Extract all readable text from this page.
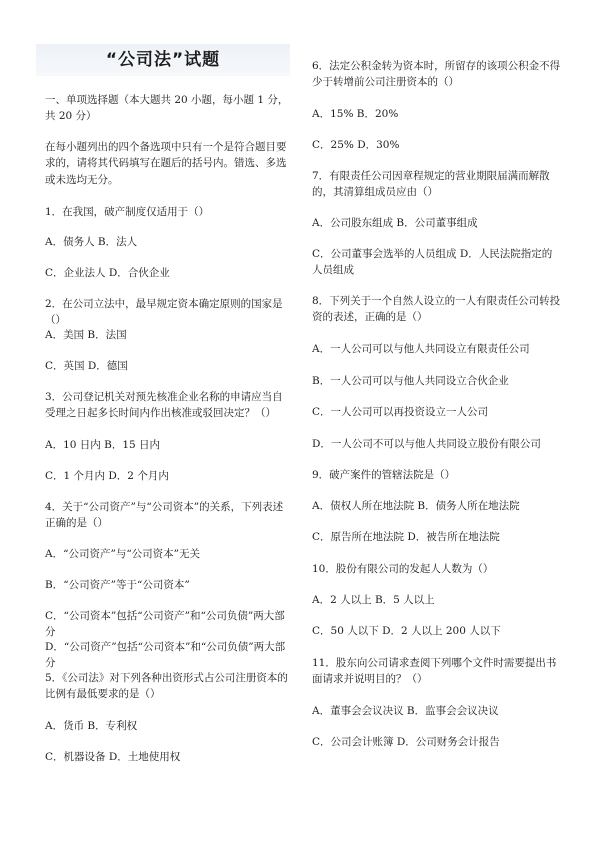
“公司法”试题

一、单项选择题（本大题共 20 小题，每小题 1 分，共 20 分）

在每小题列出的四个备选项中只有一个是符合题目要求的，请将其代码填写在题后的括号内。错选、多选或未选均无分。

1．在我国，破产制度仅适用于（）

A．债务人 B．法人

C．企业法人 D．合伙企业

2．在公司立法中，最早规定资本确定原则的国家是（）

A．美国 B．法国

C．英国 D．德国

3．公司登记机关对预先核准企业名称的申请应当自受理之日起多长时间内作出核准或驳回决定？（）

A．10 日内 B．15 日内

C．1 个月内 D．2 个月内

4．关于“公司资产”与“公司资本”的关系，下列表述正确的是（）

A．“公司资产”与“公司资本”无关

B．“公司资产”等于“公司资本”

C．“公司资本”包括“公司资产”和“公司负债”两大部分

D．“公司资产”包括“公司资本”和“公司负债”两大部分

5．《公司法》对下列各种出资形式占公司注册资本的比例有最低要求的是（）

A．货币 B．专利权

C．机器设备 D．土地使用权

6．法定公积金转为资本时，所留存的该项公积金不得少于转增前公司注册资本的（）

A．15% B．20%

C．25% D．30%

7．有限责任公司因章程规定的营业期限届满而解散的，其清算组成员应由（）

A．公司股东组成 B．公司董事组成

C．公司董事会选举的人员组成 D．人民法院指定的人员组成

8．下列关于一个自然人设立的一人有限责任公司转投资的表述，正确的是（）

A．一人公司可以与他人共同设立有限责任公司

B．一人公司可以与他人共同设立合伙企业

C．一人公司可以再投资设立一人公司

D．一人公司不可以与他人共同设立股份有限公司

9．破产案件的管辖法院是（）

A．债权人所在地法院 B．债务人所在地法院

C．原告所在地法院 D．被告所在地法院

10．股份有限公司的发起人人数为（）

A．2 人以上 B．5 人以上

C．50 人以下 D．2 人以上 200 人以下

11．股东向公司请求查阅下列哪个文件时需要提出书面请求并说明目的？（）

A．董事会会议决议 B．监事会会议决议

C．公司会计账簿 D．公司财务会计报告
